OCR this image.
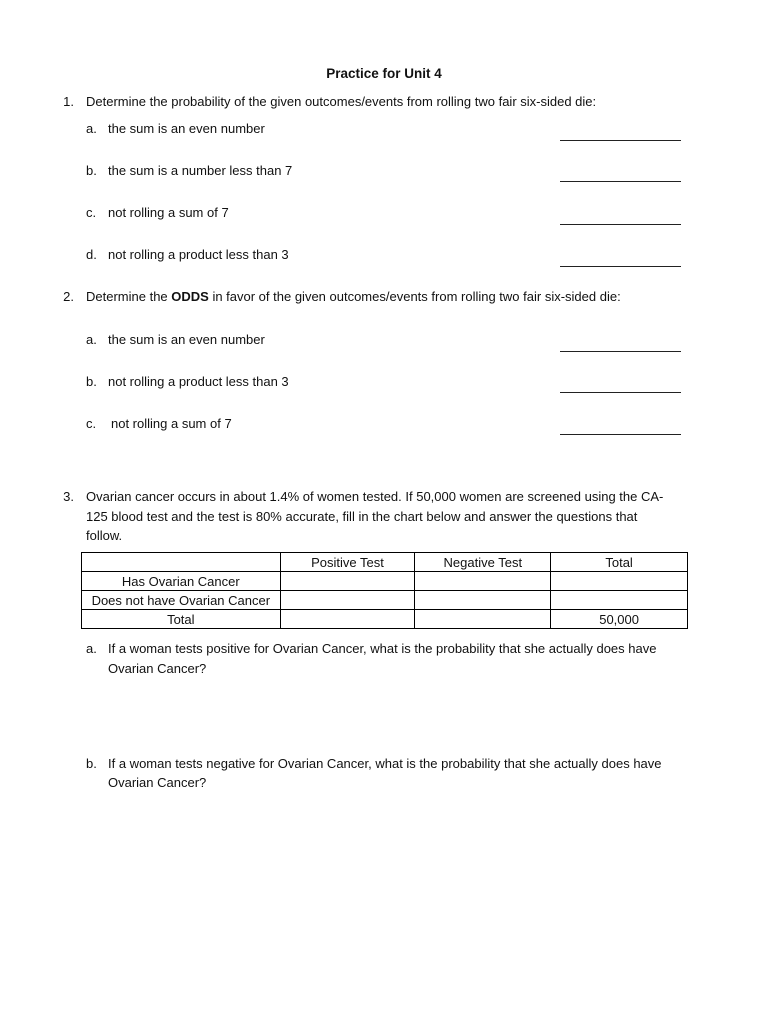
Practice for Unit 4
1. Determine the probability of the given outcomes/events from rolling two fair six-sided die:
a. the sum is an even number
b. the sum is a number less than 7
c. not rolling a sum of 7
d. not rolling a product less than 3
2. Determine the ODDS in favor of the given outcomes/events from rolling two fair six-sided die:
a. the sum is an even number
b. not rolling a product less than 3
c. not rolling a sum of 7
3. Ovarian cancer occurs in about 1.4% of women tested. If 50,000 women are screened using the CA-
125 blood test and the test is 80% accurate, fill in the chart below and answer the questions that
follow.
	Positive Test	Negative Test	Total
Has Ovarian Cancer			
Does not have Ovarian Cancer			
Total			50,000
a. If a woman tests positive for Ovarian Cancer, what is the probability that she actually does have
Ovarian Cancer?
b. If a woman tests negative for Ovarian Cancer, what is the probability that she actually does have
Ovarian Cancer?
